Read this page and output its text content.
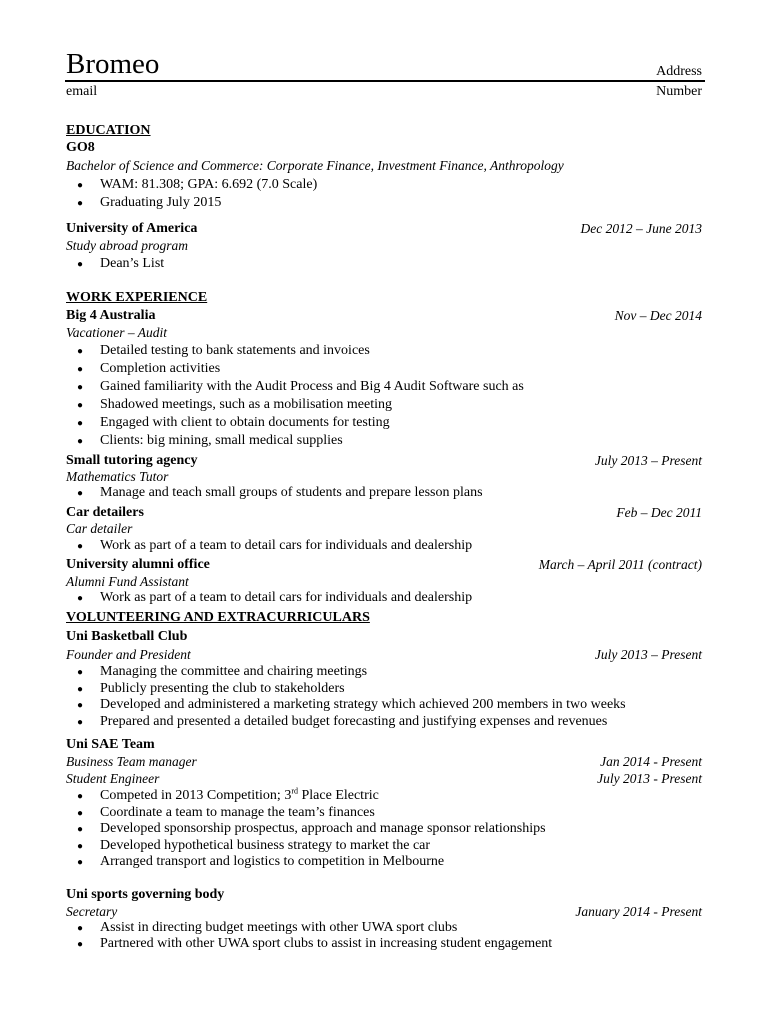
Bromeo	Address
email	Number
EDUCATION
GO8
Bachelor of Science and Commerce: Corporate Finance, Investment Finance, Anthropology
● WAM: 81.308; GPA: 6.692 (7.0 Scale)
● Graduating July 2015
University of America	Dec 2012 – June 2013
Study abroad program
● Dean’s List
WORK EXPERIENCE
Big 4 Australia	Nov – Dec 2014
Vacationer – Audit
● Detailed testing to bank statements and invoices
● Completion activities
● Gained familiarity with the Audit Process and Big 4 Audit Software such as
● Shadowed meetings, such as a mobilisation meeting
● Engaged with client to obtain documents for testing
● Clients: big mining, small medical supplies
Small tutoring agency	July 2013 – Present
Mathematics Tutor
● Manage and teach small groups of students and prepare lesson plans
Car detailers	Feb – Dec 2011
Car detailer
● Work as part of a team to detail cars for individuals and dealership
University alumni office	March – April 2011 (contract)
Alumni Fund Assistant
● Work as part of a team to detail cars for individuals and dealership
VOLUNTEERING AND EXTRACURRICULARS
Uni Basketball Club
Founder and President	July 2013 – Present
● Managing the committee and chairing meetings
● Publicly presenting the club to stakeholders
● Developed and administered a marketing strategy which achieved 200 members in two weeks
● Prepared and presented a detailed budget forecasting and justifying expenses and revenues
Uni SAE Team
Business Team manager	Jan 2014 - Present
Student Engineer	July 2013 - Present
● Competed in 2013 Competition; 3rd Place Electric
● Coordinate a team to manage the team’s finances
● Developed sponsorship prospectus, approach and manage sponsor relationships
● Developed hypothetical business strategy to market the car
● Arranged transport and logistics to competition in Melbourne
Uni sports governing body
Secretary	January 2014 - Present
● Assist in directing budget meetings with other UWA sport clubs
● Partnered with other UWA sport clubs to assist in increasing student engagement
